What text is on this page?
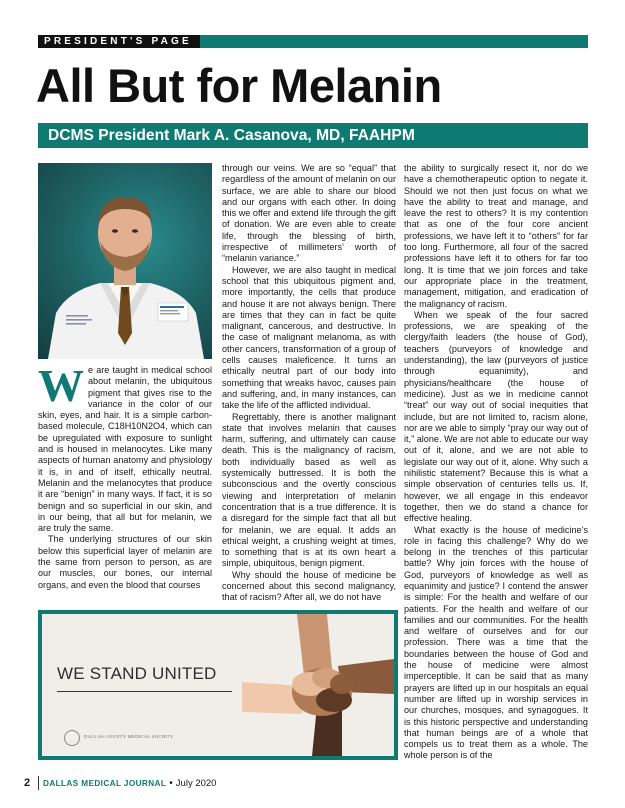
PRESIDENT'S PAGE
All But for Melanin
DCMS President Mark A. Casanova, MD, FAAHPM

We are taught in medical school about melanin, the ubiquitous pigment that gives rise to the variance in the color of our skin, eyes, and hair. It is a simple carbon-based molecule, C18H10N2O4, which can be upregulated with exposure to sunlight and is housed in melanocytes. Like many aspects of human anatomy and physiology it is, in and of itself, ethically neutral. Melanin and the melanocytes that produce it are “benign” in many ways. If fact, it is so benign and so superficial in our skin, and in our being, that all but for melanin, we are truly the same.

The underlying structures of our skin below this superficial layer of melanin are the same from person to person, as are our muscles, our bones, our internal organs, and even the blood that courses

through our veins. We are so “equal” that regardless of the amount of melanin on our surface, we are able to share our blood and our organs with each other. In doing this we offer and extend life through the gift of donation. We are even able to create life, through the blessing of birth, irrespective of millimeters’ worth of “melanin variance.”

However, we are also taught in medical school that this ubiquitous pigment and, more importantly, the cells that produce and house it are not always benign. There are times that they can in fact be quite malignant, cancerous, and destructive. In the case of malignant melanoma, as with other cancers, transformation of a group of cells causes maleficence. It turns an ethically neutral part of our body into something that wreaks havoc, causes pain and suffering, and, in many instances, can take the life of the afflicted individual.

Regrettably, there is another malignant state that involves melanin that causes harm, suffering, and ultimately can cause death. This is the malignancy of racism, both individually based as well as systemically buttressed. It is both the subconscious and the overtly conscious viewing and interpretation of melanin concentration that is a true difference. It is a disregard for the simple fact that all but for melanin, we are equal. It adds an ethical weight, a crushing weight at times, to something that is at its own heart a simple, ubiquitous, benign pigment.

Why should the house of medicine be concerned about this second malignancy, that of racism? After all, we do not have

the ability to surgically resect it, nor do we have a chemotherapeutic option to negate it. Should we not then just focus on what we have the ability to treat and manage, and leave the rest to others? It is my contention that as one of the four core ancient professions, we have left it to “others” for far too long. Furthermore, all four of the sacred professions have left it to others for far too long. It is time that we join forces and take our appropriate place in the treatment, management, mitigation, and eradication of the malignancy of racism.

When we speak of the four sacred professions, we are speaking of the clergy/faith leaders (the house of God), teachers (purveyors of knowledge and understanding), the law (purveyors of justice through equanimity), and physicians/healthcare (the house of medicine). Just as we in medicine cannot “treat” our way out of social inequities that include, but are not limited to, racism alone, nor are we able to simply “pray our way out of it,” alone. We are not able to educate our way out of it, alone, and we are not able to legislate our way out of it, alone. Why such a nihilistic statement? Because this is what a simple observation of centuries tells us. If, however, we all engage in this endeavor together, then we do stand a chance for effective healing.

What exactly is the house of medicine’s role in facing this challenge? Why do we belong in the trenches of this particular battle? Why join forces with the house of God, purveyors of knowledge as well as equanimity and justice? I contend the answer is simple: For the health and welfare of our patients. For the health and welfare of our families and our communities. For the health and welfare of ourselves and for our profession. There was a time that the boundaries between the house of God and the house of medicine were almost imperceptible. It can be said that as many prayers are lifted up in our hospitals an equal number are lifted up in worship services in our churches, mosques, and synagogues. It is this historic perspective and understanding that human beings are of a whole that compels us to treat them as a whole. The whole person is of the

WE STAND UNITED
DALLAS COUNTY MEDICAL SOCIETY
2 DALLAS MEDICAL JOURNAL • July 2020
